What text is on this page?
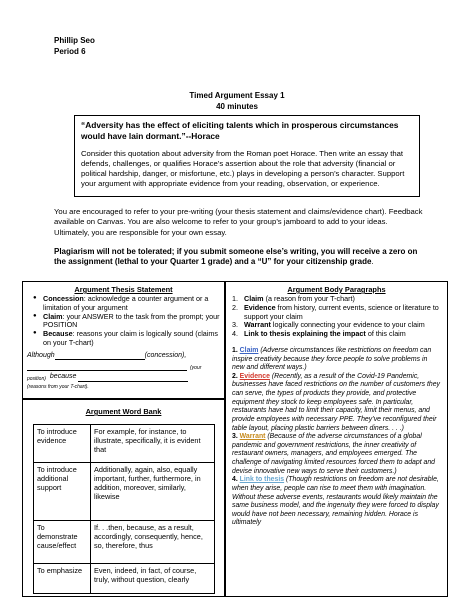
Phillip Seo
Period 6
Timed Argument Essay 1
40 minutes
“Adversity has the effect of eliciting talents which in prosperous circumstances would have lain dormant.”--Horace
Consider this quotation about adversity from the Roman poet Horace. Then write an essay that defends, challenges, or qualifies Horace’s assertion about the role that adversity (financial or political hardship, danger, or misfortune, etc.) plays in developing a person’s character. Support your argument with appropriate evidence from your reading, observation, or experience.
You are encouraged to refer to your pre-writing (your thesis statement and claims/evidence chart). Feedback available on Canvas. You are also welcome to refer to your group’s jamboard to add to your ideas. Ultimately, you are responsible for your own essay.
Plagiarism will not be tolerated; if you submit someone else’s writing, you will receive a zero on the assignment (lethal to your Quarter 1 grade) and a “U” for your citizenship grade.
Argument Thesis Statement
● Concession: acknowledge a counter argument or a limitation of your argument
● Claim: your ANSWER to the task from the prompt; your POSITION
● Because: reasons your claim is logically sound (claims on your T-chart)
Although	(concession),
(your
position) because
(reasons from your T-chart).
Argument Word Bank
To introduce evidence	For example, for instance, to illustrate, specifically, it is evident that
To introduce additional support	Additionally, again, also, equally important, further, furthermore, in addition, moreover, similarly, likewise
To demonstrate cause/effect	If. . .then, because, as a result, accordingly, consequently, hence, so, therefore, thus
To emphasize	Even, indeed, in fact, of course, truly, without question, clearly
Argument Body Paragraphs
1. Claim (a reason from your T-chart)
2. Evidence from history, current events, science or literature to support your claim
3. Warrant logically connecting your evidence to your claim
4. Link to thesis explaining the impact of this claim
1. Claim (Adverse circumstances like restrictions on freedom can inspire creativity because they force people to solve problems in new and different ways.)
2. Evidence (Recently, as a result of the Covid-19 Pandemic, businesses have faced restrictions on the number of customers they can serve, the types of products they provide, and protective equipment they stock to keep employees safe. In particular, restaurants have had to limit their capacity, limit their menus, and provide employees with necessary PPE. They’ve reconfigured their table layout, placing plastic barriers between diners. . . .)
3. Warrant (Because of the adverse circumstances of a global pandemic and government restrictions, the inner creativity of restaurant owners, managers, and employees emerged. The challenge of navigating limited resources forced them to adapt and devise innovative new ways to serve their customers.)
4. Link to thesis (Though restrictions on freedom are not desirable, when they arise, people can rise to meet them with imagination. Without these adverse events, restaurants would likely maintain the same business model, and the ingenuity they were forced to display would have not been necessary, remaining hidden. Horace is ultimately
